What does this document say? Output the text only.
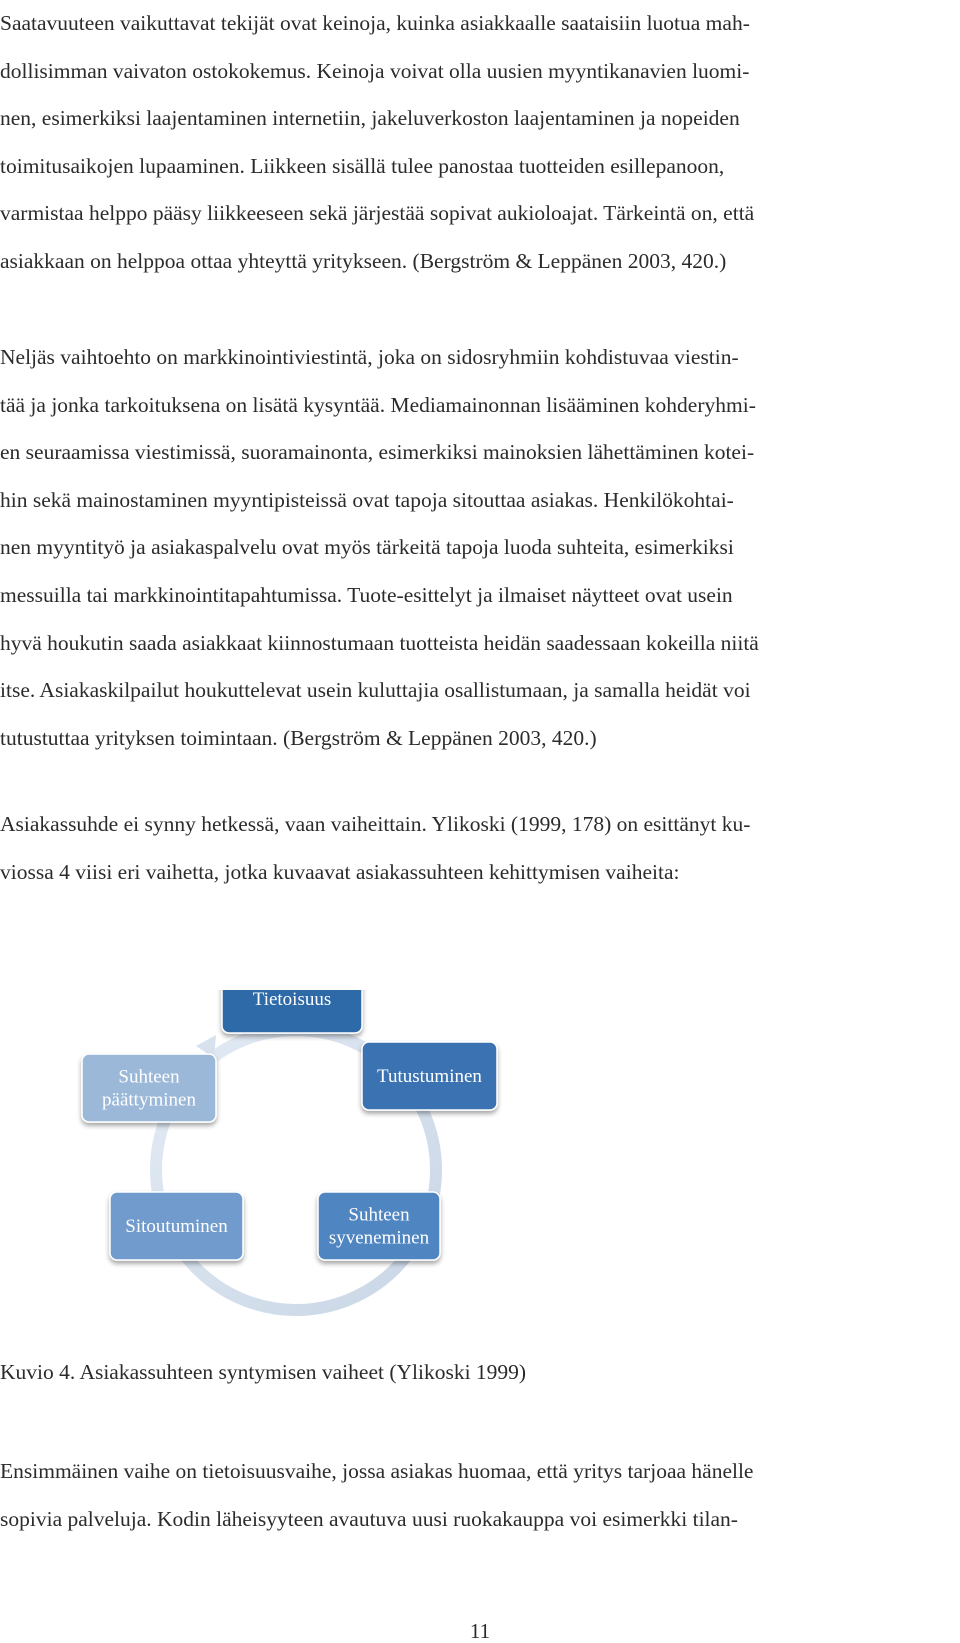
Saatavuuteen vaikuttavat tekijät ovat keinoja, kuinka asiakkaalle saataisiin luotua mah-
dollisimman vaivaton ostokokemus. Keinoja voivat olla uusien myyntikanavien luomi-
nen, esimerkiksi laajentaminen internetiin, jakeluverkoston laajentaminen ja nopeiden
toimitusaikojen lupaaminen. Liikkeen sisällä tulee panostaa tuotteiden esillepanoon,
varmistaa helppo pääsy liikkeeseen sekä järjestää sopivat aukioloajat. Tärkeintä on, että
asiakkaan on helppoa ottaa yhteyttä yritykseen. (Bergström & Leppänen 2003, 420.)
Neljäs vaihtoehto on markkinointiviestintä, joka on sidosryhmiin kohdistuvaa viestin-
tää ja jonka tarkoituksena on lisätä kysyntää. Mediamainonnan lisääminen kohderyhmi-
en seuraamissa viestimissä, suoramainonta, esimerkiksi mainoksien lähettäminen kotei-
hin sekä mainostaminen myyntipisteissä ovat tapoja sitouttaa asiakas. Henkilökohtai-
nen myyntityö ja asiakaspalvelu ovat myös tärkeitä tapoja luoda suhteita, esimerkiksi
messuilla tai markkinointitapahtumissa. Tuote-esittelyt ja ilmaiset näytteet ovat usein
hyvä houkutin saada asiakkaat kiinnostumaan tuotteista heidän saadessaan kokeilla niitä
itse. Asiakaskilpailut houkuttelevat usein kuluttajia osallistumaan, ja samalla heidät voi
tutustuttaa yrityksen toimintaan. (Bergström & Leppänen 2003, 420.)
Asiakassuhde ei synny hetkessä, vaan vaiheittain. Ylikoski (1999, 178) on esittänyt ku-
viossa 4 viisi eri vaihetta, jotka kuvaavat asiakassuhteen kehittymisen vaiheita:
Tietoisuus
Tutustuminen
Suhteen
syveneminen
Sitoutuminen
Suhteen
päättyminen
Kuvio 4. Asiakassuhteen syntymisen vaiheet (Ylikoski 1999)
Ensimmäinen vaihe on tietoisuusvaihe, jossa asiakas huomaa, että yritys tarjoaa hänelle
sopivia palveluja. Kodin läheisyyteen avautuva uusi ruokakauppa voi esimerkki tilan-
11
